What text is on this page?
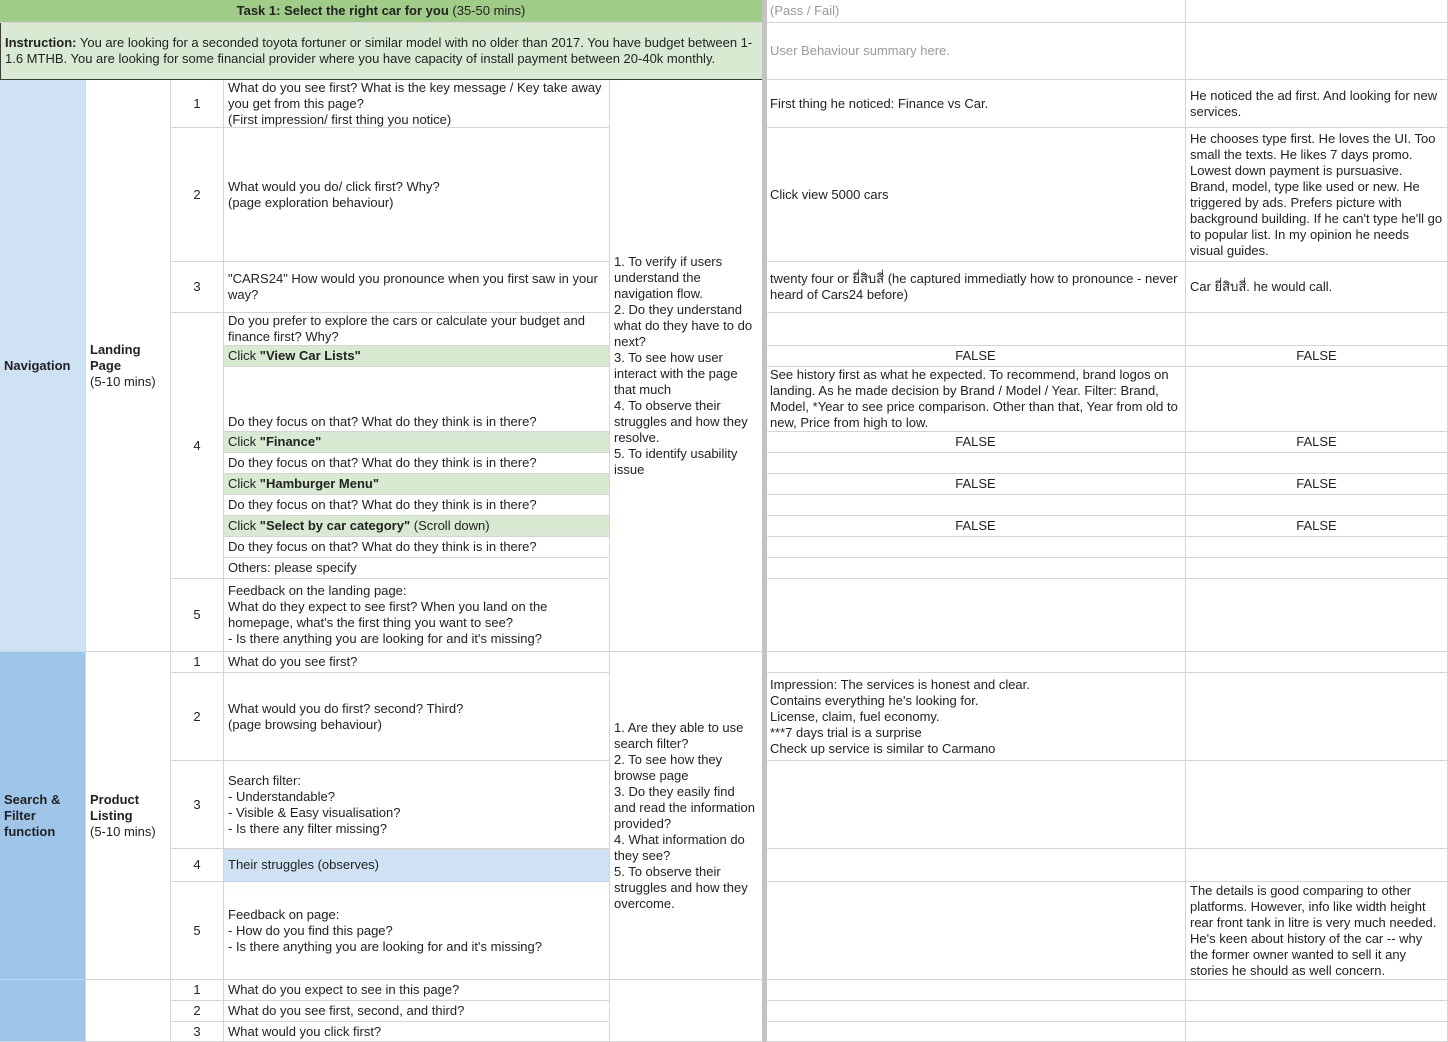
Task 1: Select the right car for you (35-50 mins)	(Pass / Fail)
Instruction: You are looking for a seconded toyota fortuner or similar model with no older than 2017. You have budget between 1-1.6 MTHB. You are looking for some financial provider where you have capacity of install payment between 20-40k monthly.
User Behaviour summary here.
Navigation
Search &
Filter
function
Landing
Page
(5-10 mins)
Product
Listing
(5-10 mins)
1
2
3
4
5
1
2
3
4
5
1
2
3
What do you see first? What is the key message / Key take away you get from this page?
(First impression/ first thing you notice)
What would you do/ click first? Why?
(page exploration behaviour)
"CARS24" How would you pronounce when you first saw in your way?
Do you prefer to explore the cars or calculate your budget and finance first? Why?
Click "View Car Lists"
Do they focus on that? What do they think is in there?
Click "Finance"
Do they focus on that? What do they think is in there?
Click "Hamburger Menu"
Do they focus on that? What do they think is in there?
Click "Select by car category" (Scroll down)
Do they focus on that? What do they think is in there?
Others: please specify
Feedback on the landing page:
What do they expect to see first? When you land on the homepage, what's the first thing you want to see?
- Is there anything you are looking for and it's missing?
What do you see first?
What would you do first? second? Third?
(page browsing behaviour)
Search filter:
- Understandable?
- Visible & Easy visualisation?
- Is there any filter missing?
Their struggles (observes)
Feedback on page:
- How do you find this page?
- Is there anything you are looking for and it's missing?
What do you expect to see in this page?
What do you see first, second, and third?
What would you click first?
1. To verify if users understand the navigation flow.
2. Do they understand what do they have to do next?
3. To see how user interact with the page that much
4. To observe their struggles and how they resolve.
5. To identify usability issue
1. Are they able to use search filter?
2. To see how they browse page
3. Do they easily find and read the information provided?
4. What information do they see?
5. To observe their struggles and how they overcome.
First thing he noticed: Finance vs Car.
Click view 5000 cars
twenty four or ยี่สิบสี่ (he captured immediatly how to pronounce - never heard of Cars24 before)
FALSE
See history first as what he expected. To recommend, brand logos on landing. As he made decision by Brand / Model / Year. Filter: Brand, Model, *Year to see price comparison. Other than that, Year from old to new, Price from high to low.
FALSE
FALSE
FALSE
Impression: The services is honest and clear.
Contains everything he's looking for.
License, claim, fuel economy.
***7 days trial is a surprise
Check up service is similar to Carmano
He noticed the ad first. And looking for new services.
He chooses type first. He loves the UI. Too small the texts. He likes 7 days promo. Lowest down payment is pursuasive. Brand, model, type like used or new. He triggered by ads. Prefers picture with background building. If he can't type he'll go to popular list. In my opinion he needs visual guides.
Car ยี่สิบสี่. he would call.
FALSE
FALSE
FALSE
FALSE
The details is good comparing to other platforms. However, info like width height rear front tank in litre is very much needed. He's keen about history of the car -- why the former owner wanted to sell it any stories he should as well concern.
